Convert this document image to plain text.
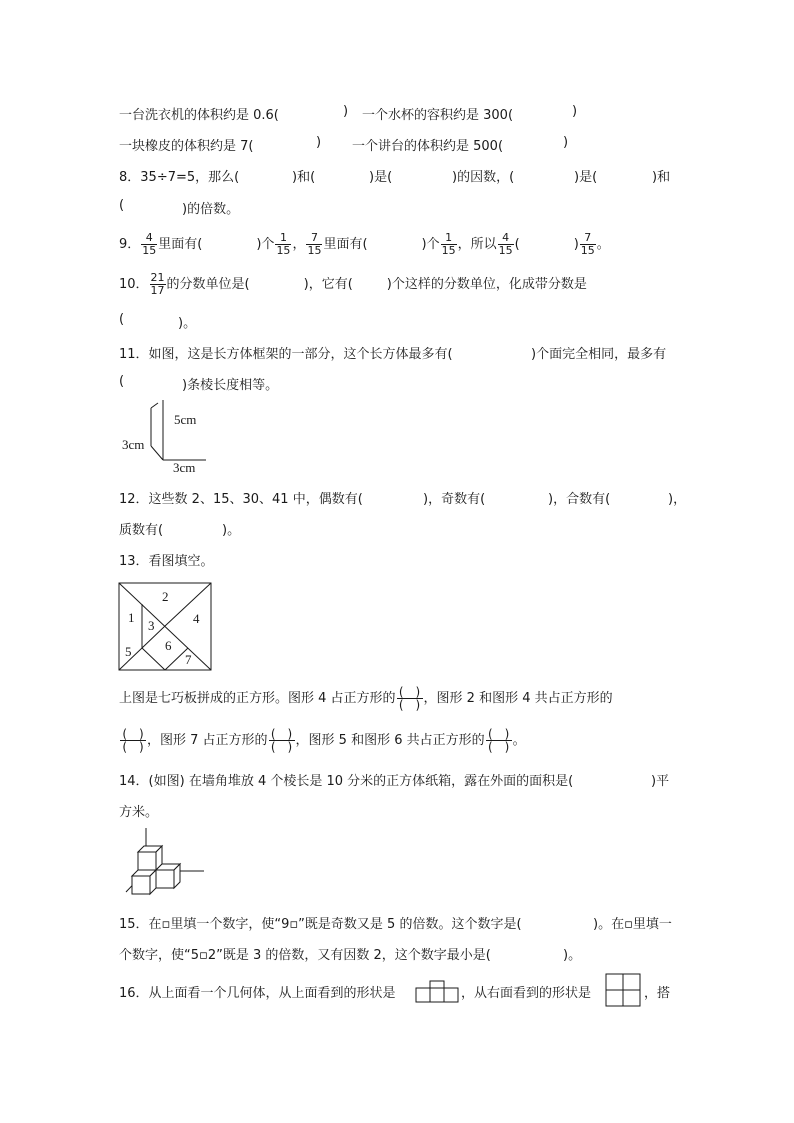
一台洗衣机的体积约是 0.6(	) 一个水杯的容积约是 300(	)
一块橡皮的体积约是 7(	) 一个讲台的体积约是 500(	)
8．35÷7=5，那么(	)和(	)是(	)的因数，(	)是(	)和
(	)的倍数。
9． $\frac{4}{15}$ 里面有(	)个 $\frac{1}{15}$ ， $\frac{7}{15}$ 里面有(	)个 $\frac{1}{15}$ ，所以 $\frac{4}{15}$ (	) $\frac{7}{15}$ 。
10． $\frac{21}{17}$ 的分数单位是(	)，它有(	)个这样的分数单位，化成带分数是
(	)。
11．如图，这是长方体框架的一部分，这个长方体最多有(	)个面完全相同，最多有
(	)条棱长度相等。
5cm
3cm
3cm
12．这些数 2、15、30、41 中，偶数有(	)，奇数有(	)，合数有(	)，
质数有(	)。
13．看图填空。
1
2
3	4
5	6
7
上图是七巧板拼成的正方形。图形 4 占正方形的 $\frac{( )}{( )}$ ，图形 2 和图形 4 共占正方形的
$\frac{( )}{( )}$ ，图形 7 占正方形的 $\frac{( )}{( )}$ ，图形 5 和图形 6 共占正方形的 $\frac{( )}{( )}$ 。
14．(如图) 在墙角堆放 4 个棱长是 10 分米的正方体纸箱，露在外面的面积是(	)平
方米。
15．在▫里填一个数字，使“9▫”既是奇数又是 5 的倍数。这个数字是(	)。在▫里填一
个数字，使“5▫2”既是 3 的倍数，又有因数 2，这个数字最小是(	)。
16．从上面看一个几何体，从上面看到的形状是	，从右面看到的形状是	，搭
